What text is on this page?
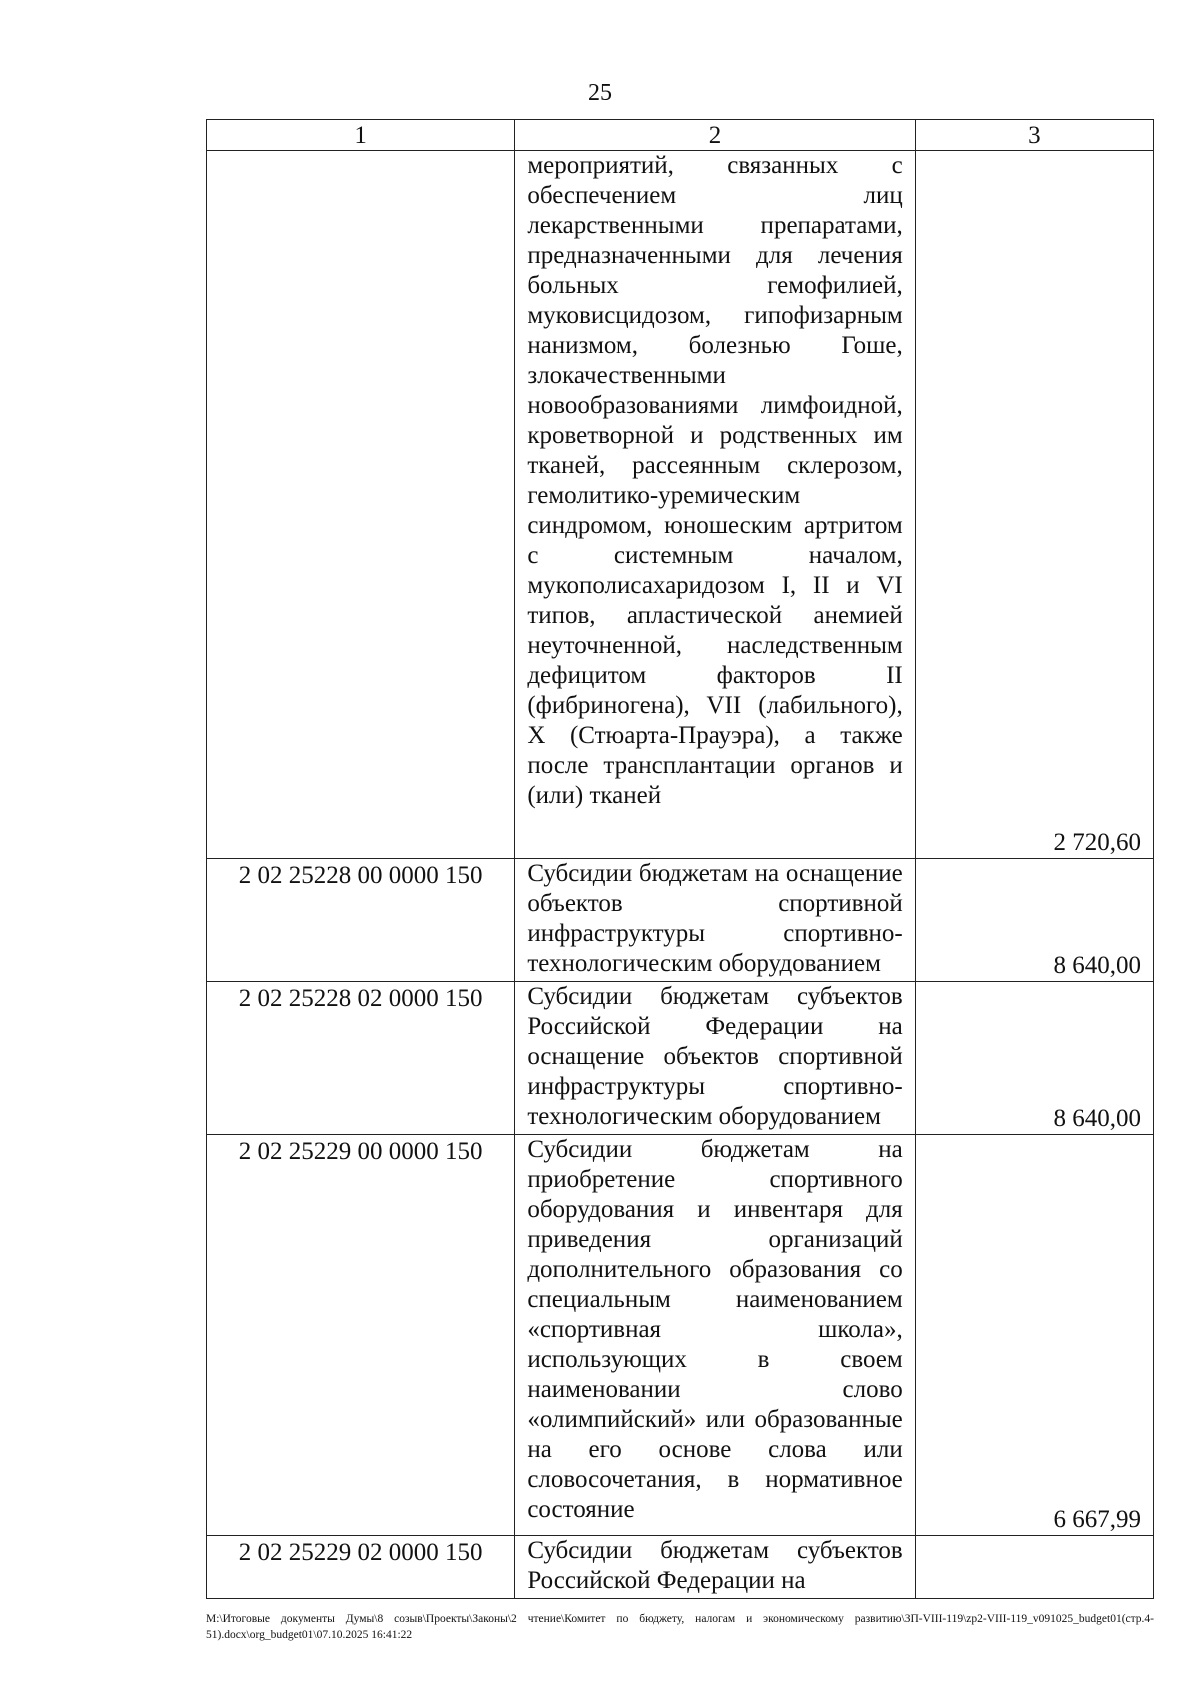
25
1	2	3
	мероприятий, связанных с обеспечением лиц лекарственными препаратами, предназначенными для лечения больных гемофилией, муковисцидозом, гипофизарным нанизмом, болезнью Гоше, злокачественными новообразованиями лимфоидной, кроветворной и родственных им тканей, рассеянным склерозом, гемолитико-уремическим синдромом, юношеским артритом с системным началом, мукополисахаридозом I, II и VI типов, апластической анемией неуточненной, наследственным дефицитом факторов II (фибриногена), VII (лабильного), X (Стюарта-Прауэра), а также после трансплантации органов и (или) тканей	2 720,60
2 02 25228 00 0000 150	Субсидии бюджетам на оснащение объектов спортивной инфраструктуры спортивно-технологическим оборудованием	8 640,00
2 02 25228 02 0000 150	Субсидии бюджетам субъектов Российской Федерации на оснащение объектов спортивной инфраструктуры спортивно-технологическим оборудованием	8 640,00
2 02 25229 00 0000 150	Субсидии бюджетам на приобретение спортивного оборудования и инвентаря для приведения организаций дополнительного образования со специальным наименованием «спортивная школа», использующих в своем наименовании слово «олимпийский» или образованные на его основе слова или словосочетания, в нормативное состояние	6 667,99
2 02 25229 02 0000 150	Субсидии бюджетам субъектов Российской Федерации на	
М:\Итоговые документы Думы\8 созыв\Проекты\Законы\2 чтение\Комитет по бюджету, налогам и экономическому развитию\ЗП-VIII-119\zp2-VIII-119_v091025_budget01(стр.4-51).docx\org_budget01\07.10.2025 16:41:22
